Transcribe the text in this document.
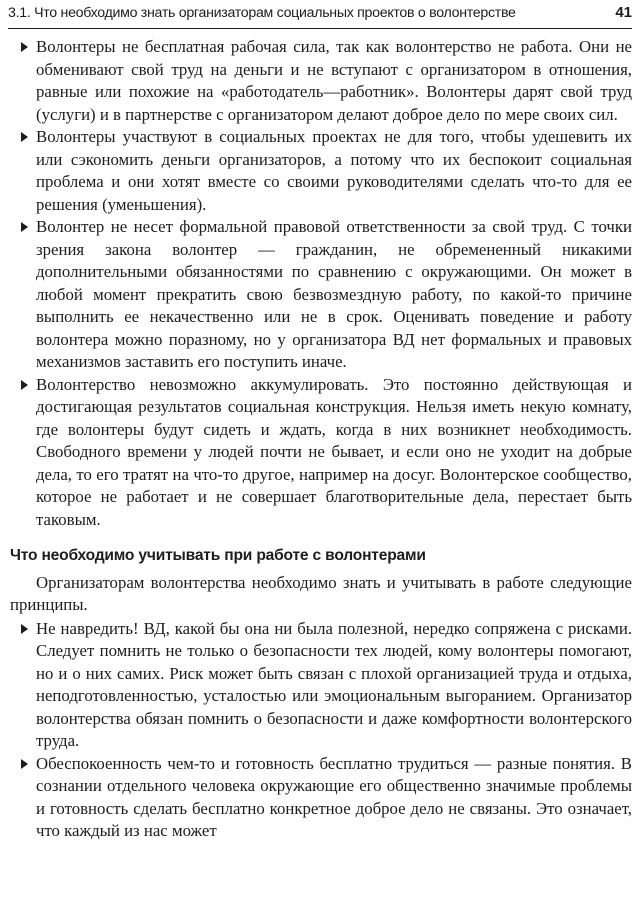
3.1. Что необходимо знать организаторам социальных проектов о волонтерстве	41
Волонтеры не бесплатная рабочая сила, так как волонтерство не работа. Они не обменивают свой труд на деньги и не вступают с организатором в отношения, равные или похожие на «работодатель—работник». Волонтеры дарят свой труд (услуги) и в партнерстве с организатором делают доброе дело по мере своих сил.
Волонтеры участвуют в социальных проектах не для того, чтобы удешевить их или сэкономить деньги организаторов, а потому что их беспокоит социальная проблема и они хотят вместе со своими руководителями сделать что-то для ее решения (уменьшения).
Волонтер не несет формальной правовой ответственности за свой труд. С точки зрения закона волонтер — гражданин, не обремененный никакими дополнительными обязанностями по сравнению с окружающими. Он может в любой момент прекратить свою безвозмездную работу, по какой-то причине выполнить ее некачественно или не в срок. Оценивать поведение и работу волонтера можно поразному, но у организатора ВД нет формальных и правовых механизмов заставить его поступить иначе.
Волонтерство невозможно аккумулировать. Это постоянно действующая и достигающая результатов социальная конструкция. Нельзя иметь некую комнату, где волонтеры будут сидеть и ждать, когда в них возникнет необходимость. Свободного времени у людей почти не бывает, и если оно не уходит на добрые дела, то его тратят на что-то другое, например на досуг. Волонтерское сообщество, которое не работает и не совершает благотворительные дела, перестает быть таковым.
Что необходимо учитывать при работе с волонтерами
Организаторам волонтерства необходимо знать и учитывать в работе следующие принципы.
Не навредить! ВД, какой бы она ни была полезной, нередко сопряжена с рисками. Следует помнить не только о безопасности тех людей, кому волонтеры помогают, но и о них самих. Риск может быть связан с плохой организацией труда и отдыха, неподготовленностью, усталостью или эмоциональным выгоранием. Организатор волонтерства обязан помнить о безопасности и даже комфортности волонтерского труда.
Обеспокоенность чем-то и готовность бесплатно трудиться — разные понятия. В сознании отдельного человека окружающие его общественно значимые проблемы и готовность сделать бесплатно конкретное доброе дело не связаны. Это означает, что каждый из нас может
